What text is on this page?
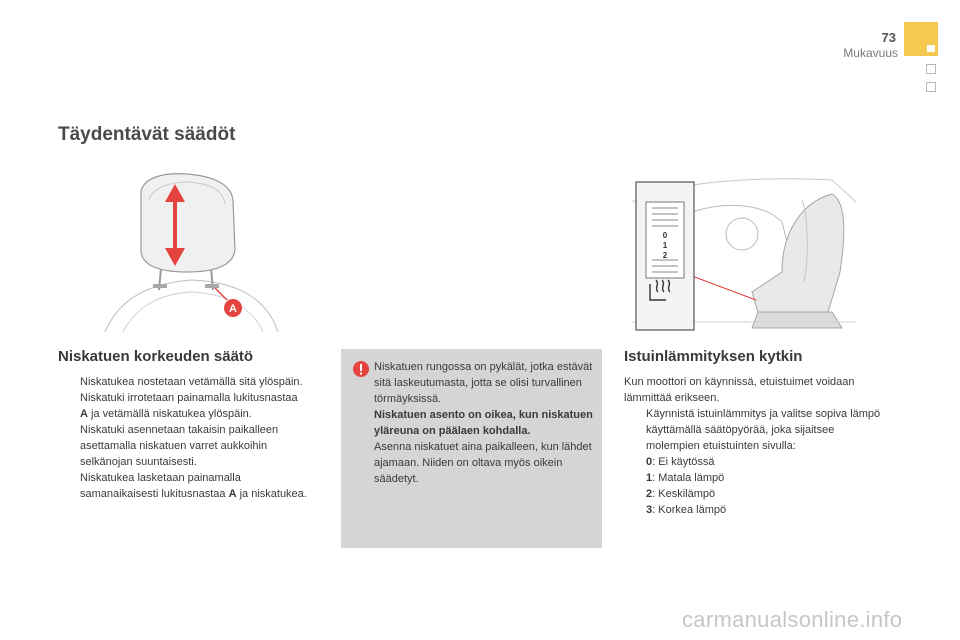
73
Mukavuus
Täydentävät säädöt
A
0
1
2
Niskatuen korkeuden säätö
Niskatukea nostetaan vetämällä sitä ylöspäin.
Niskatuki irrotetaan painamalla lukitusnastaa A ja vetämällä niskatukea ylöspäin.
Niskatuki asennetaan takaisin paikalleen asettamalla niskatuen varret aukkoihin selkänojan suuntaisesti.
Niskatukea lasketaan painamalla samanaikaisesti lukitusnastaa A ja niskatukea.

Niskatuen rungossa on pykälät, jotka estävät sitä laskeutumasta, jotta se olisi turvallinen törmäyksissä.

Niskatuen asento on oikea, kun niskatuen yläreuna on päälaen kohdalla.

Asenna niskatuet aina paikalleen, kun lähdet ajamaan. Niiden on oltava myös oikein säädetyt.

Istuinlämmityksen kytkin

Kun moottori on käynnissä, etuistuimet voidaan lämmittää erikseen.

Käynnistä istuinlämmitys ja valitse sopiva lämpö käyttämällä säätöpyörää, joka sijaitsee molempien etuistuinten sivulla:
0: Ei käytössä
1: Matala lämpö
2: Keskilämpö
3: Korkea lämpö
carmanualsonline.info
